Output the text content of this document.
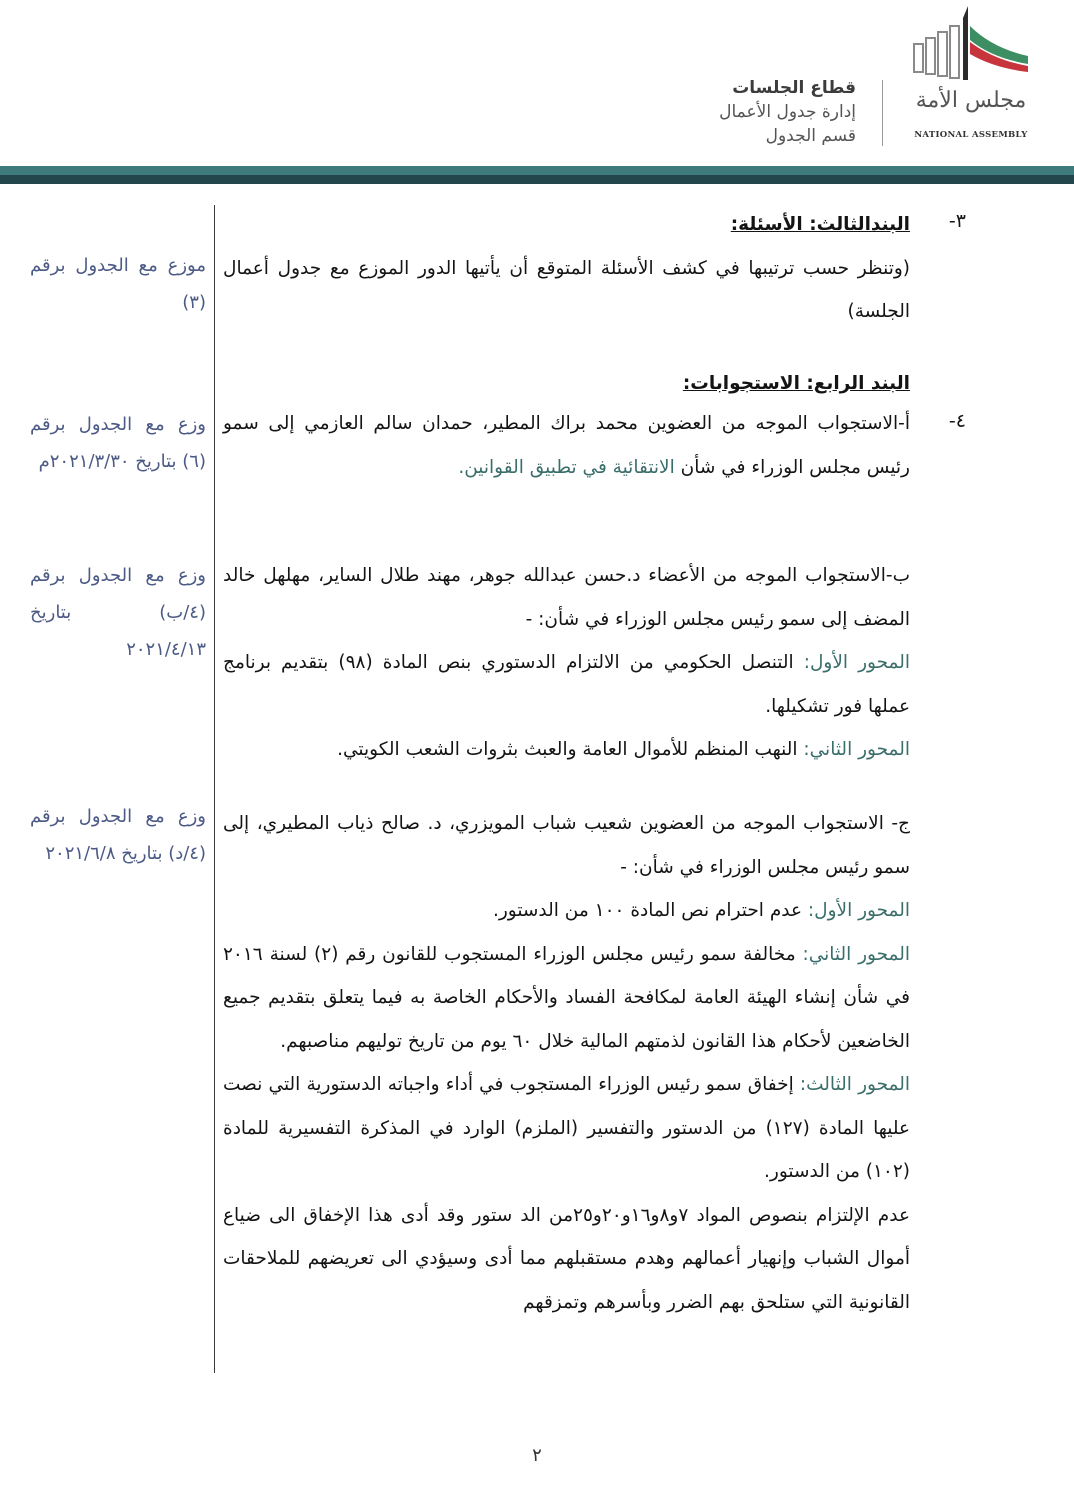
مجلس الأمة
NATIONAL ASSEMBLY
قطاع الجلسات
إدارة جدول الأعمال
قسم الجدول
٣-

البندالثالث: الأسئلة:

(وتنظر حسب ترتيبها في كشف الأسئلة المتوقع أن يأتيها الدور الموزع مع جدول أعمال الجلسة)

موزع مع الجدول برقم (٣)

البند الرابع: الاستجوابات:

٤-

أ-الاستجواب الموجه من العضوين محمد براك المطير، حمدان سالم العازمي إلى سمو رئيس مجلس الوزراء في شأن الانتقائية في تطبيق القوانين.

وزع مع الجدول برقم (٦) بتاريخ ٢٠٢١/٣/٣٠م

ب-الاستجواب الموجه من الأعضاء د.حسن عبدالله جوهر، مهند طلال الساير، مهلهل خالد المضف إلى سمو رئيس مجلس الوزراء في شأن: -

المحور الأول: التنصل الحكومي من الالتزام الدستوري بنص المادة (٩٨) بتقديم برنامج عملها فور تشكيلها.

المحور الثاني: النهب المنظم للأموال العامة والعبث بثروات الشعب الكويتي.

وزع مع الجدول برقم (٤/ب) بتاريخ ٢٠٢١/٤/١٣

ج- الاستجواب الموجه من العضوين شعيب شباب المويزري، د. صالح ذياب المطيري، إلى سمو رئيس مجلس الوزراء في شأن: -

المحور الأول: عدم احترام نص المادة ١٠٠ من الدستور.

المحور الثاني: مخالفة سمو رئيس مجلس الوزراء المستجوب للقانون رقم (٢) لسنة ٢٠١٦ في شأن إنشاء الهيئة العامة لمكافحة الفساد والأحكام الخاصة به فيما يتعلق بتقديم جميع الخاضعين لأحكام هذا القانون لذمتهم المالية خلال ٦٠ يوم من تاريخ توليهم مناصبهم.

المحور الثالث: إخفاق سمو رئيس الوزراء المستجوب في أداء واجباته الدستورية التي نصت عليها المادة (١٢٧) من الدستور والتفسير (الملزم) الوارد في المذكرة التفسيرية للمادة (١٠٢) من الدستور.

عدم الإلتزام بنصوص المواد ٧و٨و١٦و٢٠و٢٥من الد ستور وقد أدى هذا الإخفاق الى ضياع أموال الشباب وإنهيار أعمالهم وهدم مستقبلهم مما أدى وسيؤدي الى تعريضهم للملاحقات القانونية التي ستلحق بهم الضرر وبأسرهم وتمزقهم

وزع مع الجدول برقم (٤/د) بتاريخ ٢٠٢١/٦/٨
٢
